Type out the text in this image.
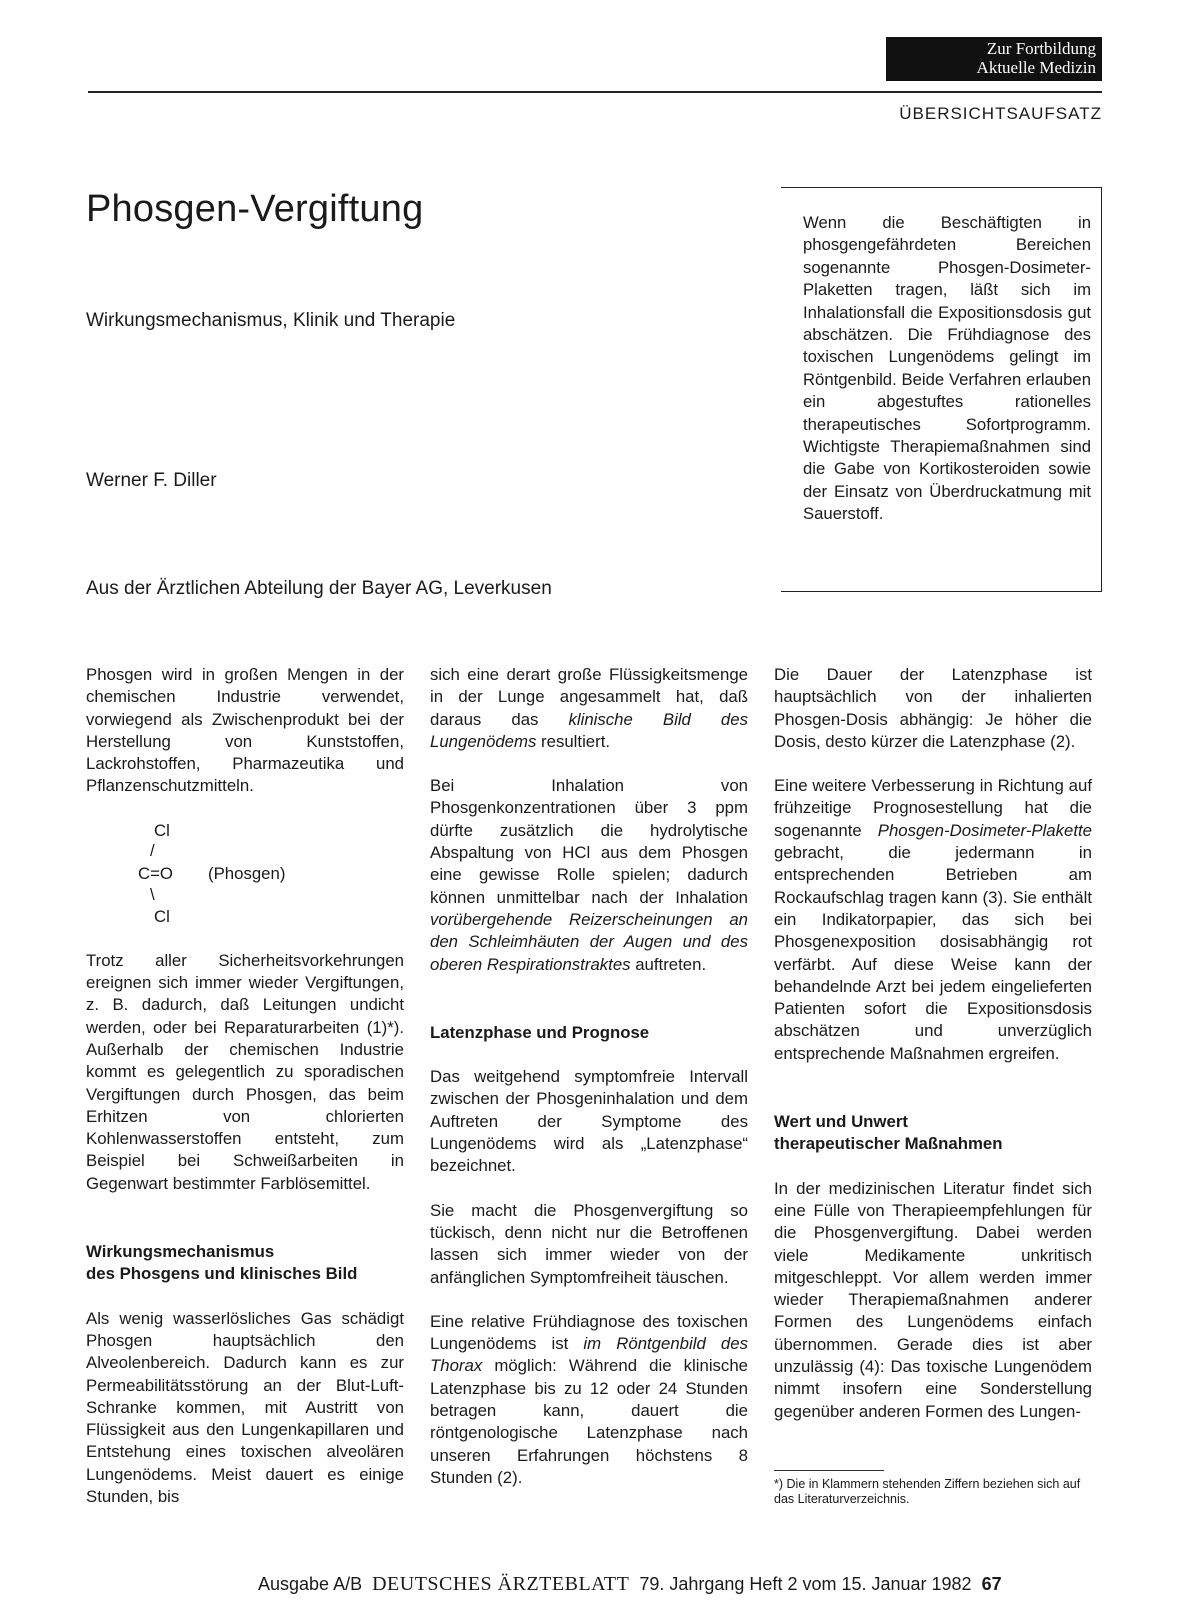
Zur Fortbildung
Aktuelle Medizin
ÜBERSICHTSAUFSATZ
Phosgen-Vergiftung
Wirkungsmechanismus, Klinik und Therapie
Werner F. Diller
Aus der Ärztlichen Abteilung der Bayer AG, Leverkusen
Wenn die Beschäftigten in phosgengefährdeten Bereichen sogenannte Phosgen-Dosimeter-Plaketten tragen, läßt sich im Inhalationsfall die Expositionsdosis gut abschätzen. Die Frühdiagnose des toxischen Lungenödems gelingt im Röntgenbild. Beide Verfahren erlauben ein abgestuftes rationelles therapeutisches Sofortprogramm. Wichtigste Therapiemaßnahmen sind die Gabe von Kortikosteroiden sowie der Einsatz von Überdruckatmung mit Sauerstoff.

Phosgen wird in großen Mengen in der chemischen Industrie verwendet, vorwiegend als Zwischenprodukt bei der Herstellung von Kunststoffen, Lackrohstoffen, Pharmazeutika und Pflanzenschutzmitteln.

Cl
/
C=O (Phosgen)
\
Cl

Trotz aller Sicherheitsvorkehrungen ereignen sich immer wieder Vergiftungen, z. B. dadurch, daß Leitungen undicht werden, oder bei Reparaturarbeiten (1)*). Außerhalb der chemischen Industrie kommt es gelegentlich zu sporadischen Vergiftungen durch Phosgen, das beim Erhitzen von chlorierten Kohlenwasserstoffen entsteht, zum Beispiel bei Schweißarbeiten in Gegenwart bestimmter Farblösemittel.

Wirkungsmechanismus
des Phosgens und klinisches Bild

Als wenig wasserlösliches Gas schädigt Phosgen hauptsächlich den Alveolenbereich. Dadurch kann es zur Permeabilitätsstörung an der Blut-Luft-Schranke kommen, mit Austritt von Flüssigkeit aus den Lungenkapillaren und Entstehung eines toxischen alveolären Lungenödems. Meist dauert es einige Stunden, bis

sich eine derart große Flüssigkeitsmenge in der Lunge angesammelt hat, daß daraus das klinische Bild des Lungenödems resultiert.

Bei Inhalation von Phosgenkonzentrationen über 3 ppm dürfte zusätzlich die hydrolytische Abspaltung von HCl aus dem Phosgen eine gewisse Rolle spielen; dadurch können unmittelbar nach der Inhalation vorübergehende Reizerscheinungen an den Schleimhäuten der Augen und des oberen Respirationstraktes auftreten.

Latenzphase und Prognose

Das weitgehend symptomfreie Intervall zwischen der Phosgeninhalation und dem Auftreten der Symptome des Lungenödems wird als „Latenzphase“ bezeichnet.

Sie macht die Phosgenvergiftung so tückisch, denn nicht nur die Betroffenen lassen sich immer wieder von der anfänglichen Symptomfreiheit täuschen.

Eine relative Frühdiagnose des toxischen Lungenödems ist im Röntgenbild des Thorax möglich: Während die klinische Latenzphase bis zu 12 oder 24 Stunden betragen kann, dauert die röntgenologische Latenzphase nach unseren Erfahrungen höchstens 8 Stunden (2).

Die Dauer der Latenzphase ist hauptsächlich von der inhalierten Phosgen-Dosis abhängig: Je höher die Dosis, desto kürzer die Latenzphase (2).

Eine weitere Verbesserung in Richtung auf frühzeitige Prognosestellung hat die sogenannte Phosgen-Dosimeter-Plakette gebracht, die jedermann in entsprechenden Betrieben am Rockaufschlag tragen kann (3). Sie enthält ein Indikatorpapier, das sich bei Phosgenexposition dosisabhängig rot verfärbt. Auf diese Weise kann der behandelnde Arzt bei jedem eingelieferten Patienten sofort die Expositionsdosis abschätzen und unverzüglich entsprechende Maßnahmen ergreifen.

Wert und Unwert
therapeutischer Maßnahmen

In der medizinischen Literatur findet sich eine Fülle von Therapieempfehlungen für die Phosgenvergiftung. Dabei werden viele Medikamente unkritisch mitgeschleppt. Vor allem werden immer wieder Therapiemaßnahmen anderer Formen des Lungenödems einfach übernommen. Gerade dies ist aber unzulässig (4): Das toxische Lungenödem nimmt insofern eine Sonderstellung gegenüber anderen Formen des Lungen-

*) Die in Klammern stehenden Ziffern beziehen sich auf das Literaturverzeichnis.
Ausgabe A/B DEUTSCHES ÄRZTEBLATT 79. Jahrgang Heft 2 vom 15. Januar 1982 67
